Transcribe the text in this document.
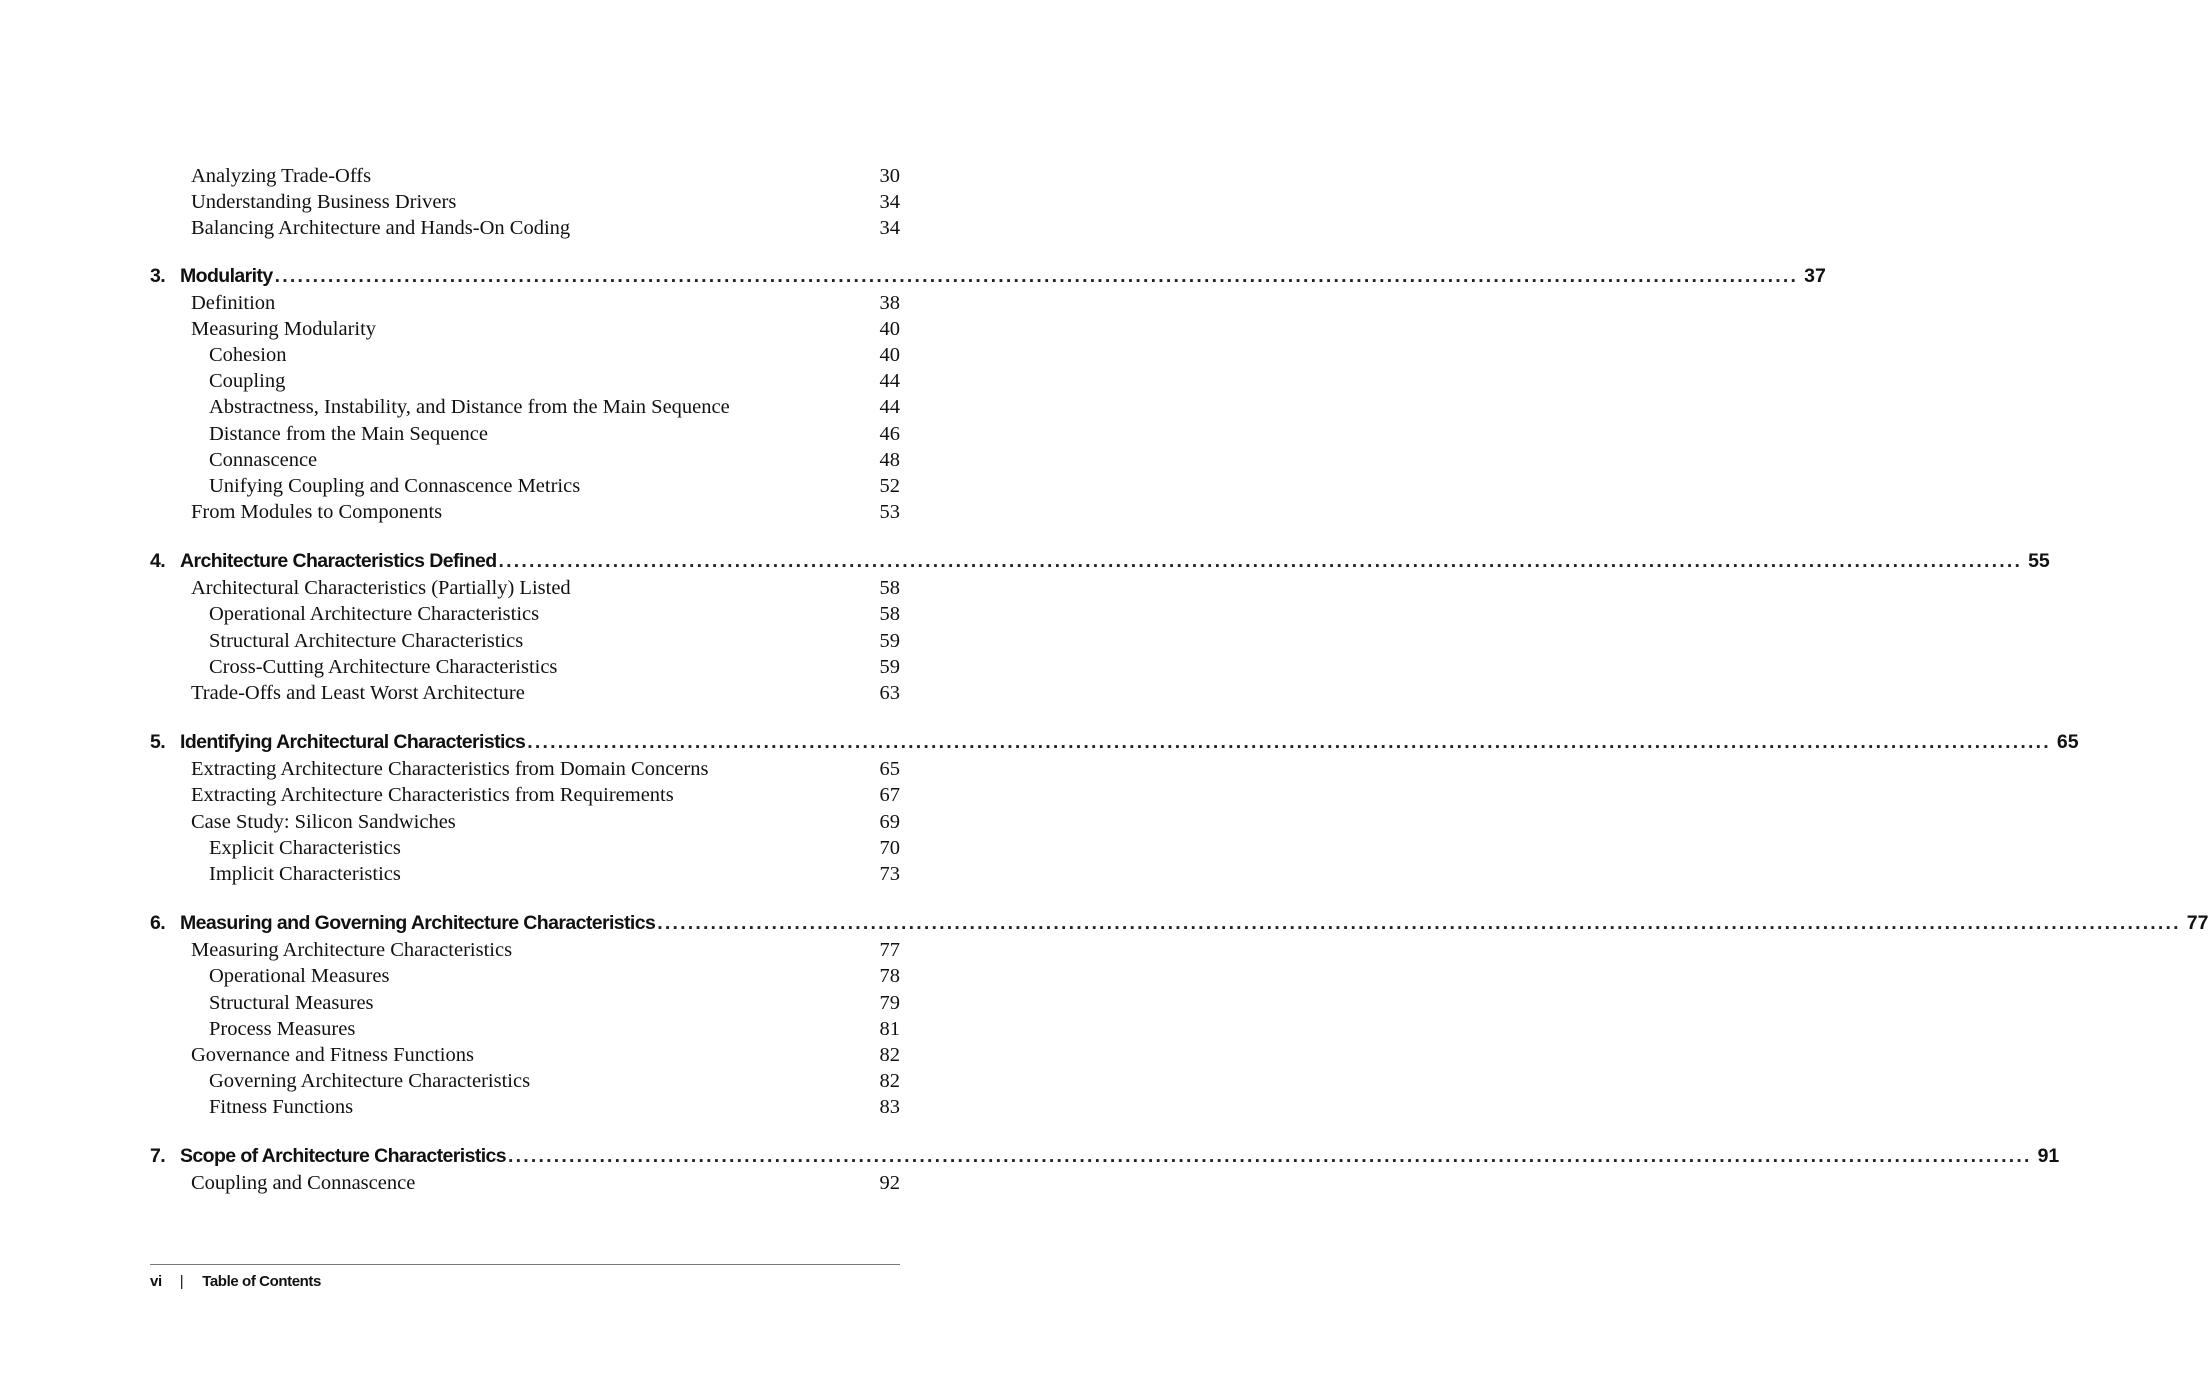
Analyzing Trade-Offs	30
Understanding Business Drivers	34
Balancing Architecture and Hands-On Coding	34
3. Modularity ........................................................................................................................................................................................................ 37
Definition	38
Measuring Modularity	40
Cohesion	40
Coupling	44
Abstractness, Instability, and Distance from the Main Sequence	44
Distance from the Main Sequence	46
Connascence	48
Unifying Coupling and Connascence Metrics	52
From Modules to Components	53
4. Architecture Characteristics Defined ........................................................................................................................................................................................................ 55
Architectural Characteristics (Partially) Listed	58
Operational Architecture Characteristics	58
Structural Architecture Characteristics	59
Cross-Cutting Architecture Characteristics	59
Trade-Offs and Least Worst Architecture	63
5. Identifying Architectural Characteristics ........................................................................................................................................................................................................ 65
Extracting Architecture Characteristics from Domain Concerns	65
Extracting Architecture Characteristics from Requirements	67
Case Study: Silicon Sandwiches	69
Explicit Characteristics	70
Implicit Characteristics	73
6. Measuring and Governing Architecture Characteristics ........................................................................................................................................................................................................ 77
Measuring Architecture Characteristics	77
Operational Measures	78
Structural Measures	79
Process Measures	81
Governance and Fitness Functions	82
Governing Architecture Characteristics	82
Fitness Functions	83
7. Scope of Architecture Characteristics ........................................................................................................................................................................................................ 91
Coupling and Connascence	92
vi | Table of Contents
